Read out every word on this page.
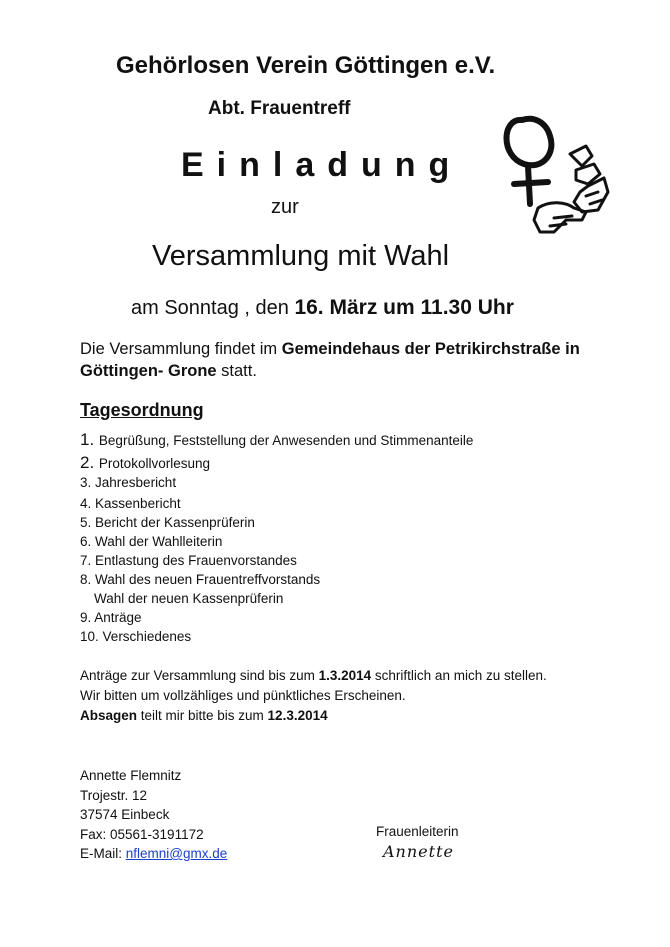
Gehörlosen Verein Göttingen e.V.
Abt. Frauentreff
Einladung
zur
Versammlung mit Wahl
am Sonntag , den 16. März um 11.30 Uhr
Die Versammlung findet im Gemeindehaus der Petrikirchstraße in Göttingen- Grone statt.
Tagesordnung
1. Begrüßung, Feststellung der Anwesenden und Stimmenanteile
2. Protokollvorlesung
3. Jahresbericht
4. Kassenbericht
5. Bericht der Kassenprüferin
6. Wahl der Wahlleiterin
7. Entlastung des Frauenvorstandes
8. Wahl des neuen Frauentreffvorstands
Wahl der neuen Kassenprüferin
9. Anträge
10. Verschiedenes
Anträge zur Versammlung sind bis zum 1.3.2014 schriftlich an mich zu stellen.
Wir bitten um vollzähliges und pünktliches Erscheinen.
Absagen teilt mir bitte bis zum 12.3.2014
Annette Flemnitz
Trojestr. 12
37574 Einbeck
Fax: 05561-3191172
E-Mail: nflemni@gmx.de
Frauenleiterin
Annette
